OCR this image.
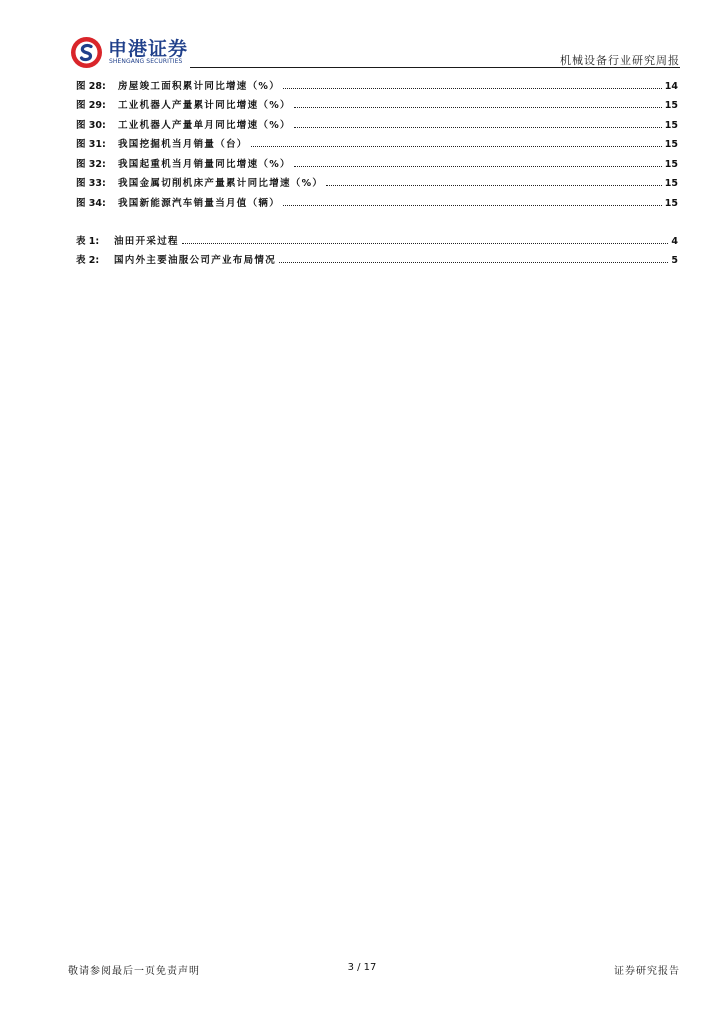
申港证券
SHENGANG SECURITIES	机械设备行业研究周报
图 28:	房屋竣工面积累计同比增速（%）	14
图 29:	工业机器人产量累计同比增速（%）	15
图 30:	工业机器人产量单月同比增速（%）	15
图 31:	我国挖掘机当月销量（台）	15
图 32:	我国起重机当月销量同比增速（%）	15
图 33:	我国金属切削机床产量累计同比增速（%）	15
图 34:	我国新能源汽车销量当月值（辆）	15
表 1:	油田开采过程	4
表 2:	国内外主要油服公司产业布局情况	5
敬请参阅最后一页免责声明	3 / 17	证券研究报告
